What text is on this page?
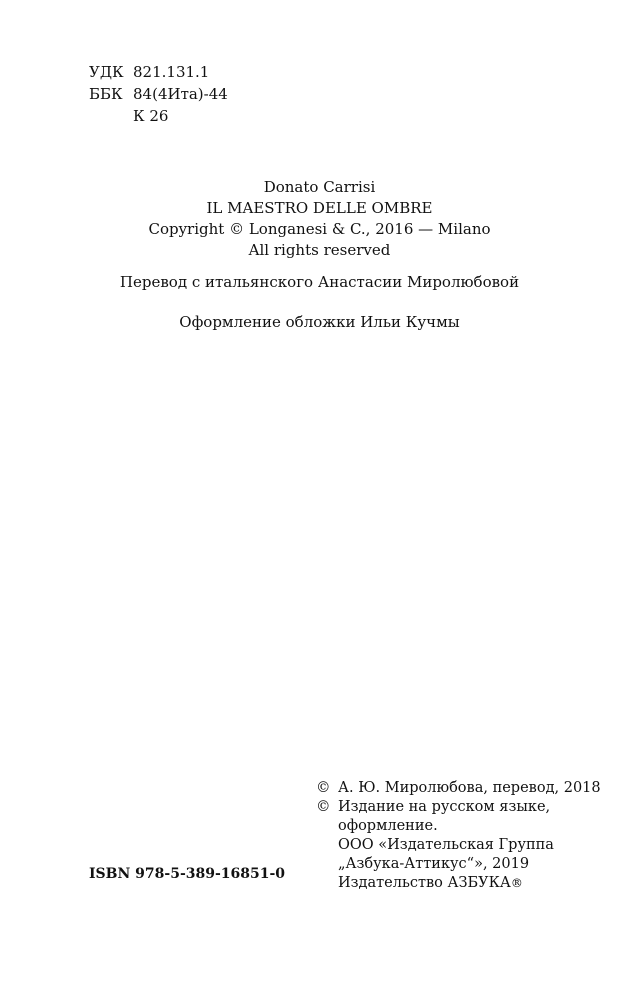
УДК 821.131.1
ББК 84(4Ита)-44
К 26
Donato Carrisi
IL MAESTRO DELLE OMBRE
Copyright © Longanesi & C., 2016 — Milano
All rights reserved
Перевод с итальянского Анастасии Миролюбовой
Оформление обложки Ильи Кучмы
© А. Ю. Миролюбова, перевод, 2018
© Издание на русском языке,
оформление.
ООО «Издательская Группа
„Азбука-Аттикус“», 2019
Издательство АЗБУКА ®
ISBN 978-5-389-16851-0
